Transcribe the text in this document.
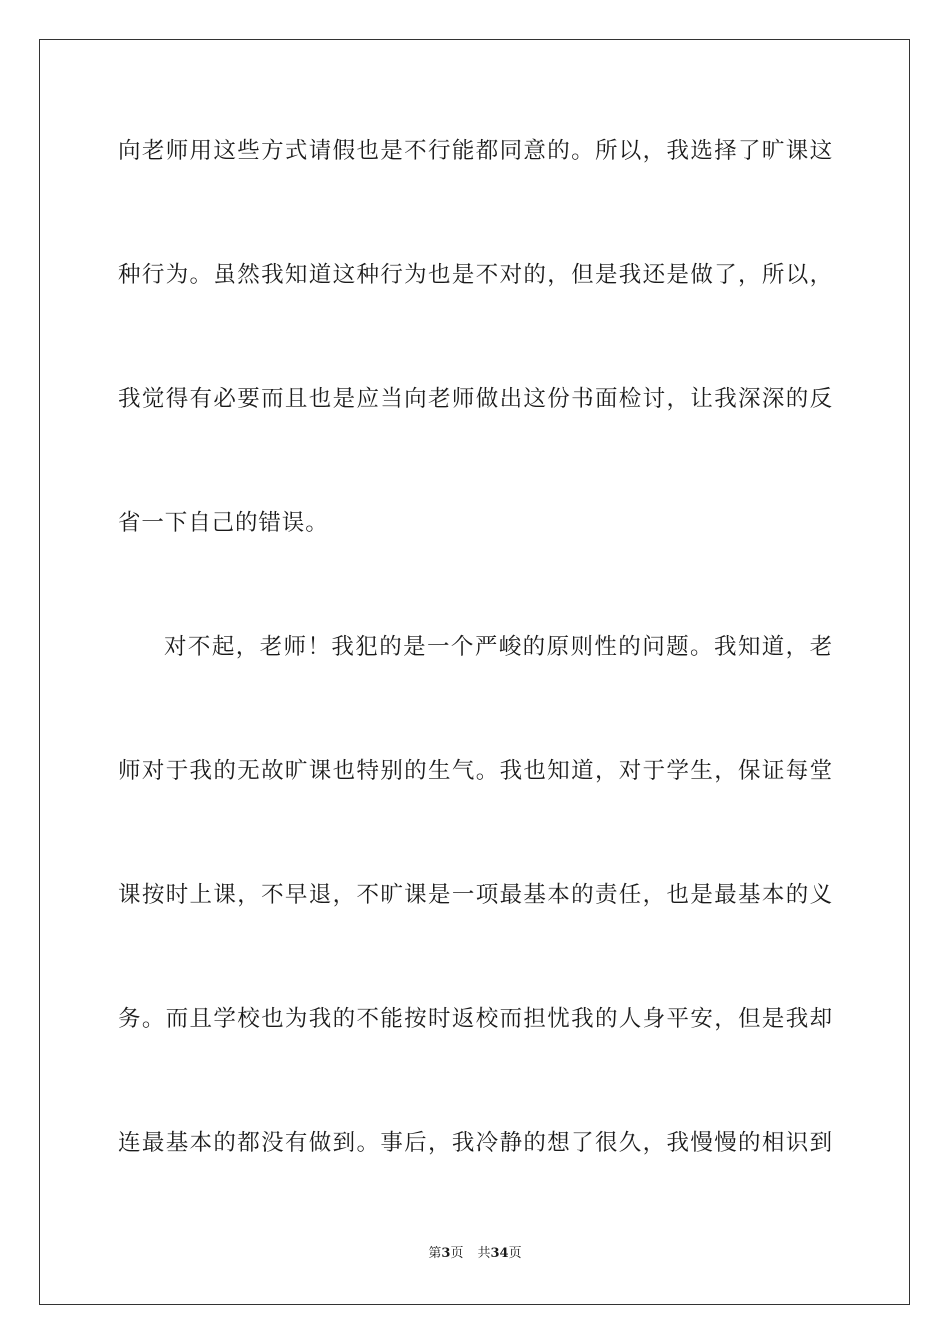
向老师用这些方式请假也是不行能都同意的。所以，我选择了旷课这
种行为。虽然我知道这种行为也是不对的，但是我还是做了，所以，
我觉得有必要而且也是应当向老师做出这份书面检讨，让我深深的反
省一下自己的错误。
对不起，老师！我犯的是一个严峻的原则性的问题。我知道，老
师对于我的无故旷课也特别的生气。我也知道，对于学生，保证每堂
课按时上课，不早退，不旷课是一项最基本的责任，也是最基本的义
务。而且学校也为我的不能按时返校而担忧我的人身平安，但是我却
连最基本的都没有做到。事后，我冷静的想了很久，我慢慢的相识到
第3页 共34页
